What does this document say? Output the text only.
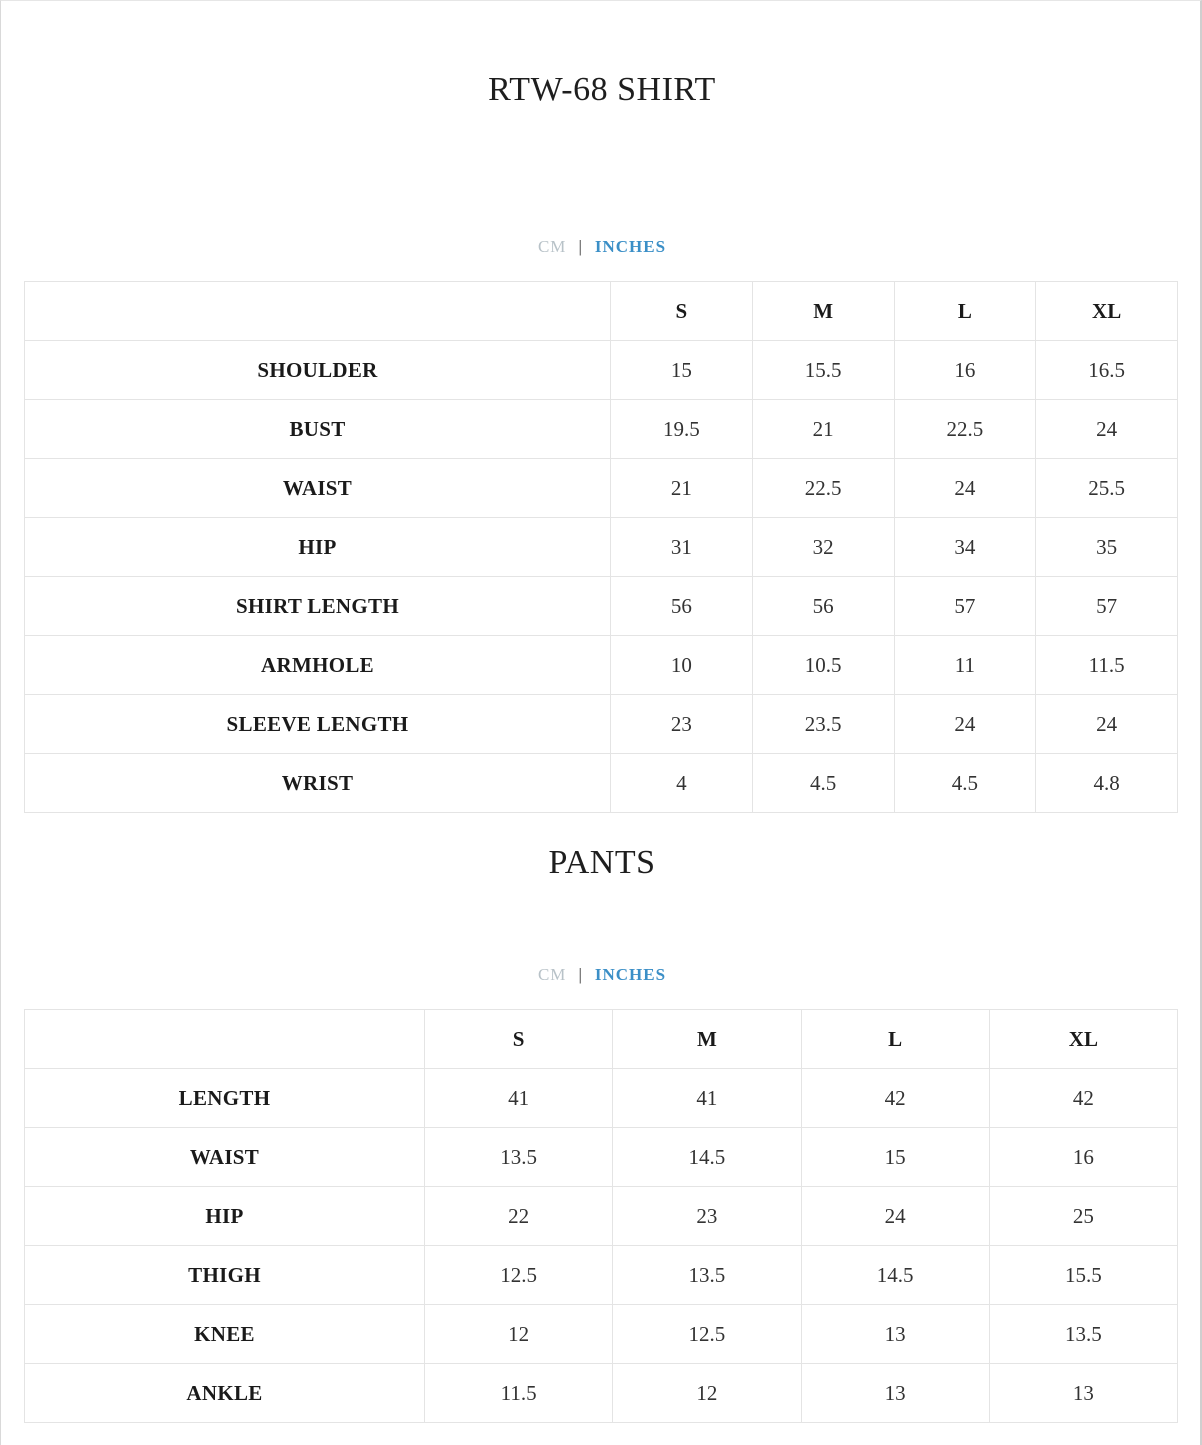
RTW-68 SHIRT
CM | INCHES
	S	M	L	XL
SHOULDER	15	15.5	16	16.5
BUST	19.5	21	22.5	24
WAIST	21	22.5	24	25.5
HIP	31	32	34	35
SHIRT LENGTH	56	56	57	57
ARMHOLE	10	10.5	11	11.5
SLEEVE LENGTH	23	23.5	24	24
WRIST	4	4.5	4.5	4.8
PANTS
CM | INCHES
	S	M	L	XL
LENGTH	41	41	42	42
WAIST	13.5	14.5	15	16
HIP	22	23	24	25
THIGH	12.5	13.5	14.5	15.5
KNEE	12	12.5	13	13.5
ANKLE	11.5	12	13	13
